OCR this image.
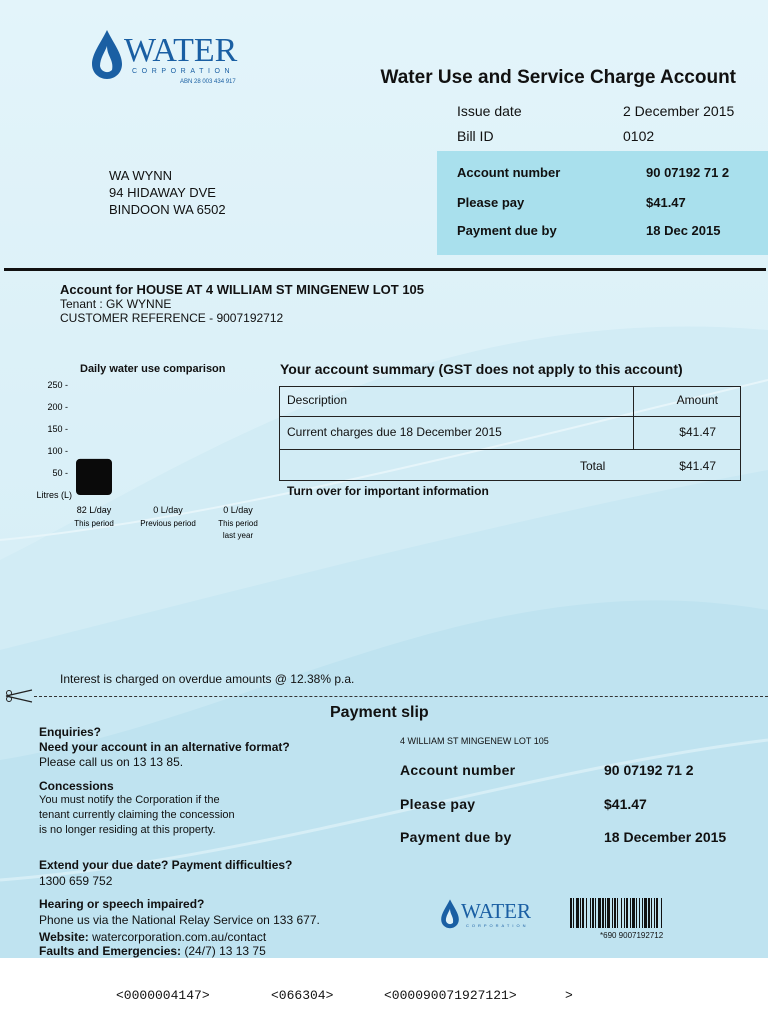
WATER
CORPORATION
ABN 28 003 434 917	Water Use and Service Charge Account
Issue date	2 December 2015
Bill ID	0102
WA WYNN
94 HIDAWAY DVE
BINDOON WA 6502
Account number	90 07192 71 2
Please pay	$41.47
Payment due by	18 Dec 2015
Account for HOUSE AT 4 WILLIAM ST MINGENEW LOT 105
Tenant : GK WYNNE
CUSTOMER REFERENCE - 9007192712
Daily water use comparison
50 -
100 -
150 -
200 -
250 -
Litres (L)
82 L/day
This period
0 L/day
Previous period
0 L/day
This period
last year
Your account summary (GST does not apply to this account)
Description	Amount
Current charges due 18 December 2015	$41.47
Total	$41.47
Turn over for important information
Interest is charged on overdue amounts @ 12.38% p.a.
Payment slip
Enquiries?
Need your account in an alternative format?
Please call us on 13 13 85.
Concessions
You must notify the Corporation if the
tenant currently claiming the concession
is no longer residing at this property.
Extend your due date? Payment difficulties?
1300 659 752
Hearing or speech impaired?
Phone us via the National Relay Service on 133 677.
Website: watercorporation.com.au/contact
Faults and Emergencies: (24/7) 13 13 75
4 WILLIAM ST MINGENEW LOT 105
Account number	90 07192 71 2
Please pay	$41.47
Payment due by	18 December 2015
WATER
CORPORATION
*690 9007192712
<0000004147>	<066304>	<000090071927121>	>
